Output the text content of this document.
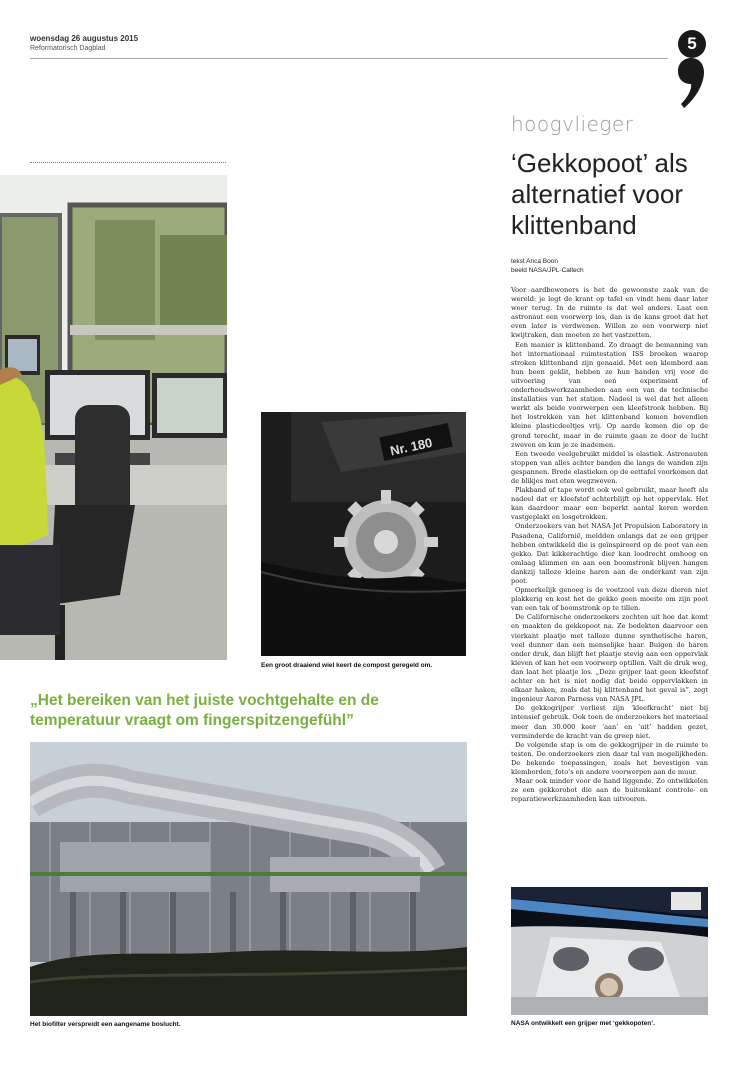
woensdag 26 augustus 2015
Reformatorisch Dagblad	5
Nr. 180
Een groot draaiend wiel keert de compost geregeld om.
„Het bereiken van het juiste vochtgehalte en de temperatuur vraagt om fingerspitzengefühl”
Het biofilter verspreidt een aangename boslucht.
hoogvlieger
‘Gekkopoot’ als alternatief voor klittenband
tekst Anca Boon
beeld NASA/JPL-Caltech

Voor aardbewoners is het de gewoonste zaak van de wereld: je legt de krant op tafel en vindt hem daar later weer terug. In de ruimte is dat wel anders. Laat een astronaut een voorwerp los, dan is de kans groot dat het even later is verdwenen. Willen ze een voorwerp niet kwijtraken, dan moeten ze het vastzetten.

Een manier is klittenband. Zo draagt de bemanning van het internationaal ruimtestation ISS broeken waarop stroken klittenband zijn genaaid. Met een klembord aan hun been geklit, hebben ze hun handen vrij voor de uitvoering van een experiment of onderhoudswerkzaamheden aan een van de technische installaties van het station. Nadeel is wel dat het alleen werkt als beide voorwerpen een kleefstrook hebben. Bij het lostrekken van het klittenband komen bovendien kleine plasticdeeltjes vrij. Op aarde komen die op de grond terecht, maar in de ruimte gaan ze door de lucht zweven en kun je ze inademen.

Een tweede veelgebruikt middel is elastiek. Astronauten stoppen van alles achter banden die langs de wanden zijn gespannen. Brede elastieken op de eettafel voorkomen dat de blikjes met eten wegzweven.

Plakband of tape wordt ook wel gebruikt, maar heeft als nadeel dat er kleefstof achterblijft op het oppervlak. Het kan daardoor maar een beperkt aantal keren worden vastgeplakt en losgetrokken.

Onderzoekers van het NASA Jet Propulsion Laboratory in Pasadena, Californië, meldden onlangs dat ze een grijper hebben ontwikkeld die is geïnspireerd op de poot van een gekko. Dat kikkerachtige dier kan loodrecht omhoog en omlaag klimmen en aan een boomstronk blijven hangen dankzij talloze kleine haren aan de onderkant van zijn poot.

Opmerkelijk genoeg is de voetzool van deze dieren niet plakkerig en kost het de gekko geen moeite om zijn poot van een tak of boomstronk op te tillen.

De Californische onderzoekers zochten uit hoe dat komt en maakten de gekkopoot na. Ze bedekten daarvoor een vierkant plaatje met talloze dunne synthetische haren, veel dunner dan een menselijke haar. Buigen de haren onder druk, dan blijft het plaatje stevig aan een oppervlak kleven of kan het een voorwerp optillen. Valt de druk weg, dan laat het plaatje los. „Deze grijper laat geen kleefstof achter en het is niet nodig dat beide oppervlakken in elkaar haken, zoals dat bij klittenband het geval is”, zegt ingenieur Aaron Parness van NASA JPL.

De gekkogrijper verliest zijn ‘kleefkracht’ niet bij intensief gebruik. Ook toen de onderzoekers het materiaal meer dan 30.000 keer ‘aan’ en ‘uit’ hadden gezet, verminderde de kracht van de greep niet.

De volgende stap is om de gekkogrijper in de ruimte te testen. De onderzoekers zien daar tal van mogelijkheden. De bekende toepassingen, zoals het bevestigen van klemborden, foto’s en andere voorwerpen aan de muur.

Maar ook minder voor de hand liggende. Zo ontwikkelen ze een gekkorobot die aan de buitenkant controle- en reparatiewerkzaamheden kan uitvoeren.

NASA ontwikkelt een grijper met ‘gekkopoten’.
